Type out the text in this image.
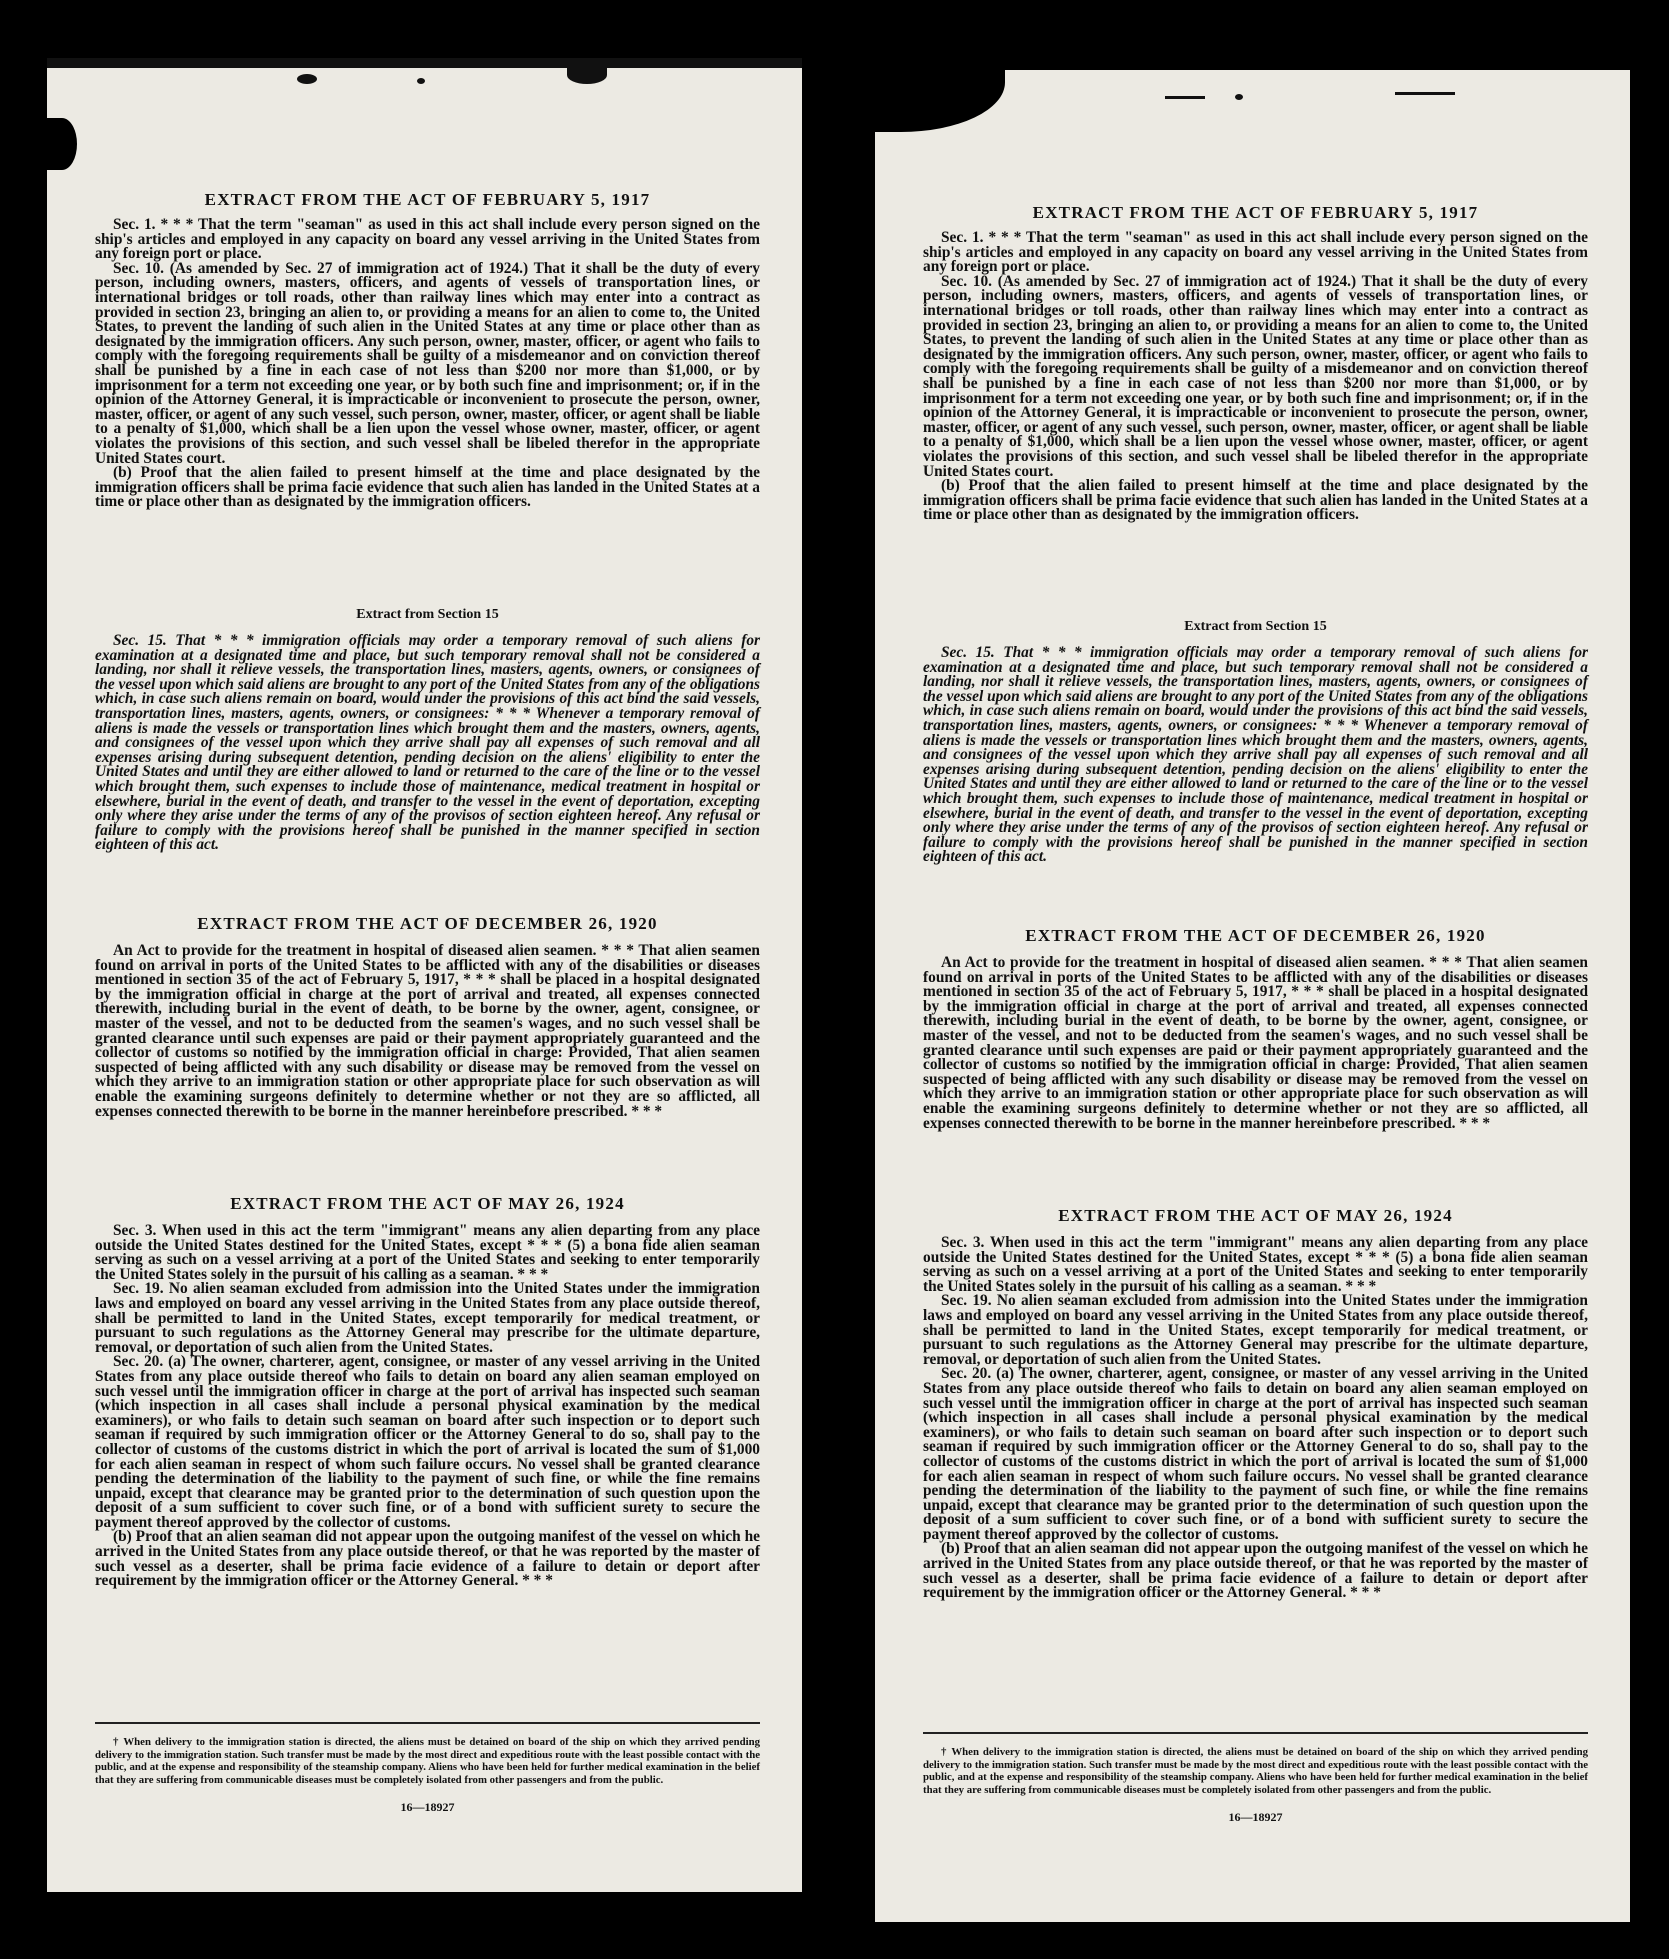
EXTRACT FROM THE ACT OF FEBRUARY 5, 1917

Sec. 1. * * * That the term "seaman" as used in this act shall include every person signed on the ship's articles and employed in any capacity on board any vessel arriving in the United States from any foreign port or place.

Sec. 10. (As amended by Sec. 27 of immigration act of 1924.) That it shall be the duty of every person, including owners, masters, officers, and agents of vessels of transportation lines, or international bridges or toll roads, other than railway lines which may enter into a contract as provided in section 23, bringing an alien to, or providing a means for an alien to come to, the United States, to prevent the landing of such alien in the United States at any time or place other than as designated by the immigration officers. Any such person, owner, master, officer, or agent who fails to comply with the foregoing requirements shall be guilty of a misdemeanor and on conviction thereof shall be punished by a fine in each case of not less than $200 nor more than $1,000, or by imprisonment for a term not exceeding one year, or by both such fine and imprisonment; or, if in the opinion of the Attorney General, it is impracticable or inconvenient to prosecute the person, owner, master, officer, or agent of any such vessel, such person, owner, master, officer, or agent shall be liable to a penalty of $1,000, which shall be a lien upon the vessel whose owner, master, officer, or agent violates the provisions of this section, and such vessel shall be libeled therefor in the appropriate United States court.

(b) Proof that the alien failed to present himself at the time and place designated by the immigration officers shall be prima facie evidence that such alien has landed in the United States at a time or place other than as designated by the immigration officers.

Extract from Section 15

Sec. 15. That * * * immigration officials may order a temporary removal of such aliens for examination at a designated time and place, but such temporary removal shall not be considered a landing, nor shall it relieve vessels, the transportation lines, masters, agents, owners, or consignees of the vessel upon which said aliens are brought to any port of the United States from any of the obligations which, in case such aliens remain on board, would under the provisions of this act bind the said vessels, transportation lines, masters, agents, owners, or consignees: * * * Whenever a temporary removal of aliens is made the vessels or transportation lines which brought them and the masters, owners, agents, and consignees of the vessel upon which they arrive shall pay all expenses of such removal and all expenses arising during subsequent detention, pending decision on the aliens' eligibility to enter the United States and until they are either allowed to land or returned to the care of the line or to the vessel which brought them, such expenses to include those of maintenance, medical treatment in hospital or elsewhere, burial in the event of death, and transfer to the vessel in the event of deportation, excepting only where they arise under the terms of any of the provisos of section eighteen hereof. Any refusal or failure to comply with the provisions hereof shall be punished in the manner specified in section eighteen of this act.

EXTRACT FROM THE ACT OF DECEMBER 26, 1920

An Act to provide for the treatment in hospital of diseased alien seamen. * * * That alien seamen found on arrival in ports of the United States to be afflicted with any of the disabilities or diseases mentioned in section 35 of the act of February 5, 1917, * * * shall be placed in a hospital designated by the immigration official in charge at the port of arrival and treated, all expenses connected therewith, including burial in the event of death, to be borne by the owner, agent, consignee, or master of the vessel, and not to be deducted from the seamen's wages, and no such vessel shall be granted clearance until such expenses are paid or their payment appropriately guaranteed and the collector of customs so notified by the immigration official in charge: Provided, That alien seamen suspected of being afflicted with any such disability or disease may be removed from the vessel on which they arrive to an immigration station or other appropriate place for such observation as will enable the examining surgeons definitely to determine whether or not they are so afflicted, all expenses connected therewith to be borne in the manner hereinbefore prescribed. * * *

EXTRACT FROM THE ACT OF MAY 26, 1924

Sec. 3. When used in this act the term "immigrant" means any alien departing from any place outside the United States destined for the United States, except * * * (5) a bona fide alien seaman serving as such on a vessel arriving at a port of the United States and seeking to enter temporarily the United States solely in the pursuit of his calling as a seaman. * * *

Sec. 19. No alien seaman excluded from admission into the United States under the immigration laws and employed on board any vessel arriving in the United States from any place outside thereof, shall be permitted to land in the United States, except temporarily for medical treatment, or pursuant to such regulations as the Attorney General may prescribe for the ultimate departure, removal, or deportation of such alien from the United States.

Sec. 20. (a) The owner, charterer, agent, consignee, or master of any vessel arriving in the United States from any place outside thereof who fails to detain on board any alien seaman employed on such vessel until the immigration officer in charge at the port of arrival has inspected such seaman (which inspection in all cases shall include a personal physical examination by the medical examiners), or who fails to detain such seaman on board after such inspection or to deport such seaman if required by such immigration officer or the Attorney General to do so, shall pay to the collector of customs of the customs district in which the port of arrival is located the sum of $1,000 for each alien seaman in respect of whom such failure occurs. No vessel shall be granted clearance pending the determination of the liability to the payment of such fine, or while the fine remains unpaid, except that clearance may be granted prior to the determination of such question upon the deposit of a sum sufficient to cover such fine, or of a bond with sufficient surety to secure the payment thereof approved by the collector of customs.

(b) Proof that an alien seaman did not appear upon the outgoing manifest of the vessel on which he arrived in the United States from any place outside thereof, or that he was reported by the master of such vessel as a deserter, shall be prima facie evidence of a failure to detain or deport after requirement by the immigration officer or the Attorney General. * * *

† When delivery to the immigration station is directed, the aliens must be detained on board of the ship on which they arrived pending delivery to the immigration station. Such transfer must be made by the most direct and expeditious route with the least possible contact with the public, and at the expense and responsibility of the steamship company. Aliens who have been held for further medical examination in the belief that they are suffering from communicable diseases must be completely isolated from other passengers and from the public.

16—18927

EXTRACT FROM THE ACT OF FEBRUARY 5, 1917

Sec. 1. * * * That the term "seaman" as used in this act shall include every person signed on the ship's articles and employed in any capacity on board any vessel arriving in the United States from any foreign port or place.

Sec. 10. (As amended by Sec. 27 of immigration act of 1924.) That it shall be the duty of every person, including owners, masters, officers, and agents of vessels of transportation lines, or international bridges or toll roads, other than railway lines which may enter into a contract as provided in section 23, bringing an alien to, or providing a means for an alien to come to, the United States, to prevent the landing of such alien in the United States at any time or place other than as designated by the immigration officers. Any such person, owner, master, officer, or agent who fails to comply with the foregoing requirements shall be guilty of a misdemeanor and on conviction thereof shall be punished by a fine in each case of not less than $200 nor more than $1,000, or by imprisonment for a term not exceeding one year, or by both such fine and imprisonment; or, if in the opinion of the Attorney General, it is impracticable or inconvenient to prosecute the person, owner, master, officer, or agent of any such vessel, such person, owner, master, officer, or agent shall be liable to a penalty of $1,000, which shall be a lien upon the vessel whose owner, master, officer, or agent violates the provisions of this section, and such vessel shall be libeled therefor in the appropriate United States court.

(b) Proof that the alien failed to present himself at the time and place designated by the immigration officers shall be prima facie evidence that such alien has landed in the United States at a time or place other than as designated by the immigration officers.

Extract from Section 15

Sec. 15. That * * * immigration officials may order a temporary removal of such aliens for examination at a designated time and place, but such temporary removal shall not be considered a landing, nor shall it relieve vessels, the transportation lines, masters, agents, owners, or consignees of the vessel upon which said aliens are brought to any port of the United States from any of the obligations which, in case such aliens remain on board, would under the provisions of this act bind the said vessels, transportation lines, masters, agents, owners, or consignees: * * * Whenever a temporary removal of aliens is made the vessels or transportation lines which brought them and the masters, owners, agents, and consignees of the vessel upon which they arrive shall pay all expenses of such removal and all expenses arising during subsequent detention, pending decision on the aliens' eligibility to enter the United States and until they are either allowed to land or returned to the care of the line or to the vessel which brought them, such expenses to include those of maintenance, medical treatment in hospital or elsewhere, burial in the event of death, and transfer to the vessel in the event of deportation, excepting only where they arise under the terms of any of the provisos of section eighteen hereof. Any refusal or failure to comply with the provisions hereof shall be punished in the manner specified in section eighteen of this act.

EXTRACT FROM THE ACT OF DECEMBER 26, 1920

An Act to provide for the treatment in hospital of diseased alien seamen. * * * That alien seamen found on arrival in ports of the United States to be afflicted with any of the disabilities or diseases mentioned in section 35 of the act of February 5, 1917, * * * shall be placed in a hospital designated by the immigration official in charge at the port of arrival and treated, all expenses connected therewith, including burial in the event of death, to be borne by the owner, agent, consignee, or master of the vessel, and not to be deducted from the seamen's wages, and no such vessel shall be granted clearance until such expenses are paid or their payment appropriately guaranteed and the collector of customs so notified by the immigration official in charge: Provided, That alien seamen suspected of being afflicted with any such disability or disease may be removed from the vessel on which they arrive to an immigration station or other appropriate place for such observation as will enable the examining surgeons definitely to determine whether or not they are so afflicted, all expenses connected therewith to be borne in the manner hereinbefore prescribed. * * *

EXTRACT FROM THE ACT OF MAY 26, 1924

Sec. 3. When used in this act the term "immigrant" means any alien departing from any place outside the United States destined for the United States, except * * * (5) a bona fide alien seaman serving as such on a vessel arriving at a port of the United States and seeking to enter temporarily the United States solely in the pursuit of his calling as a seaman. * * *

Sec. 19. No alien seaman excluded from admission into the United States under the immigration laws and employed on board any vessel arriving in the United States from any place outside thereof, shall be permitted to land in the United States, except temporarily for medical treatment, or pursuant to such regulations as the Attorney General may prescribe for the ultimate departure, removal, or deportation of such alien from the United States.

Sec. 20. (a) The owner, charterer, agent, consignee, or master of any vessel arriving in the United States from any place outside thereof who fails to detain on board any alien seaman employed on such vessel until the immigration officer in charge at the port of arrival has inspected such seaman (which inspection in all cases shall include a personal physical examination by the medical examiners), or who fails to detain such seaman on board after such inspection or to deport such seaman if required by such immigration officer or the Attorney General to do so, shall pay to the collector of customs of the customs district in which the port of arrival is located the sum of $1,000 for each alien seaman in respect of whom such failure occurs. No vessel shall be granted clearance pending the determination of the liability to the payment of such fine, or while the fine remains unpaid, except that clearance may be granted prior to the determination of such question upon the deposit of a sum sufficient to cover such fine, or of a bond with sufficient surety to secure the payment thereof approved by the collector of customs.

(b) Proof that an alien seaman did not appear upon the outgoing manifest of the vessel on which he arrived in the United States from any place outside thereof, or that he was reported by the master of such vessel as a deserter, shall be prima facie evidence of a failure to detain or deport after requirement by the immigration officer or the Attorney General. * * *

† When delivery to the immigration station is directed, the aliens must be detained on board of the ship on which they arrived pending delivery to the immigration station. Such transfer must be made by the most direct and expeditious route with the least possible contact with the public, and at the expense and responsibility of the steamship company. Aliens who have been held for further medical examination in the belief that they are suffering from communicable diseases must be completely isolated from other passengers and from the public.

16—18927
